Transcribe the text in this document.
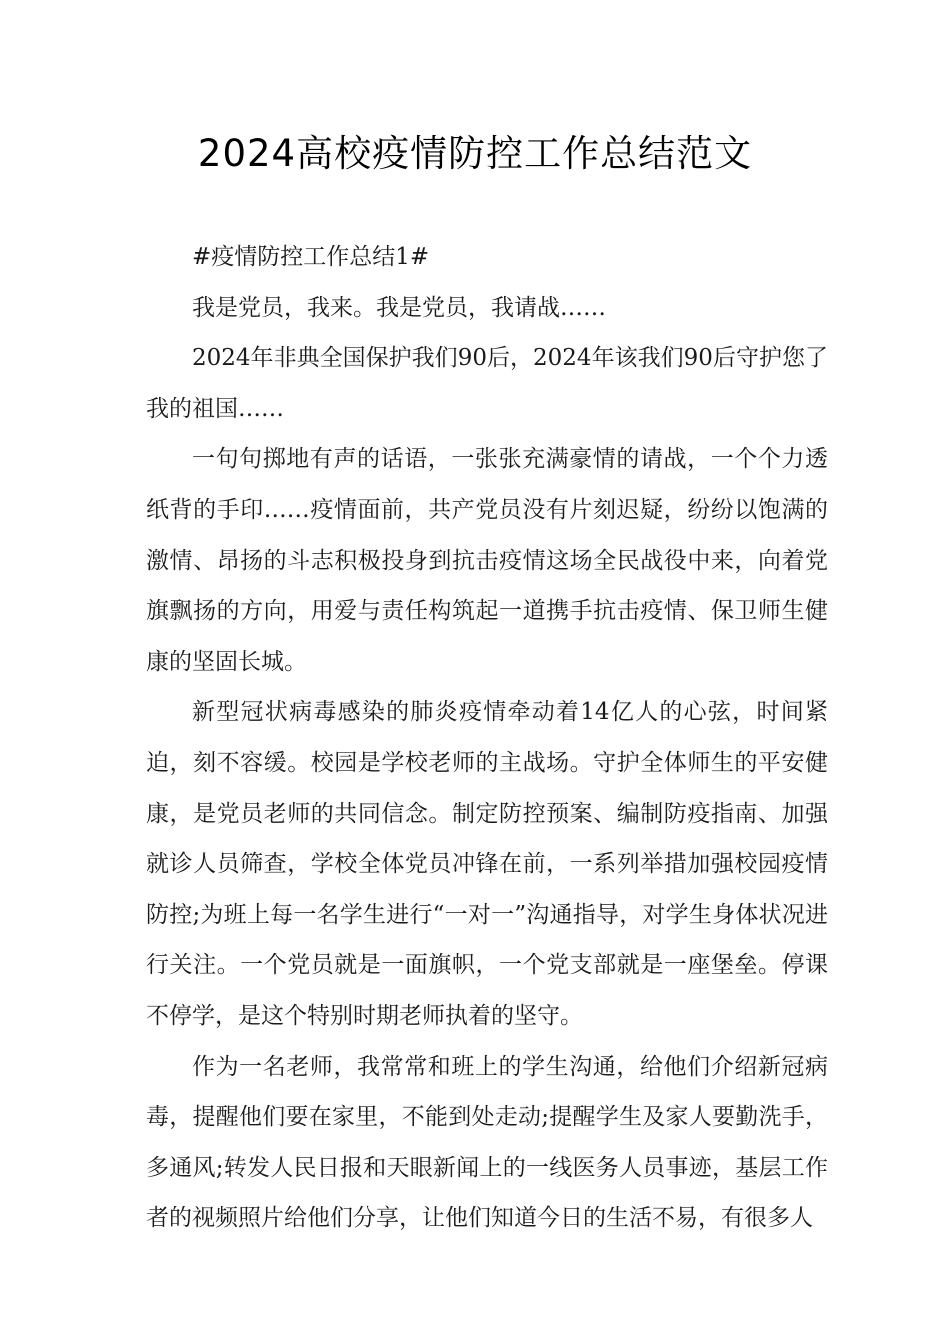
2024高校疫情防控工作总结范文

#疫情防控工作总结1#

我是党员，我来。我是党员，我请战……

2024年非典全国保护我们90后，2024年该我们90后守护您了我的祖国……

一句句掷地有声的话语，一张张充满豪情的请战，一个个力透纸背的手印……疫情面前，共产党员没有片刻迟疑，纷纷以饱满的激情、昂扬的斗志积极投身到抗击疫情这场全民战役中来，向着党旗飘扬的方向，用爱与责任构筑起一道携手抗击疫情、保卫师生健康的坚固长城。

新型冠状病毒感染的肺炎疫情牵动着14亿人的心弦，时间紧迫，刻不容缓。校园是学校老师的主战场。守护全体师生的平安健康，是党员老师的共同信念。制定防控预案、编制防疫指南、加强就诊人员筛查，学校全体党员冲锋在前，一系列举措加强校园疫情防控;为班上每一名学生进行“一对一”沟通指导，对学生身体状况进行关注。一个党员就是一面旗帜，一个党支部就是一座堡垒。停课不停学，是这个特别时期老师执着的坚守。

作为一名老师，我常常和班上的学生沟通，给他们介绍新冠病毒，提醒他们要在家里，不能到处走动;提醒学生及家人要勤洗手，多通风;转发人民日报和天眼新闻上的一线医务人员事迹，基层工作者的视频照片给他们分享，让他们知道今日的生活不易，有很多人
